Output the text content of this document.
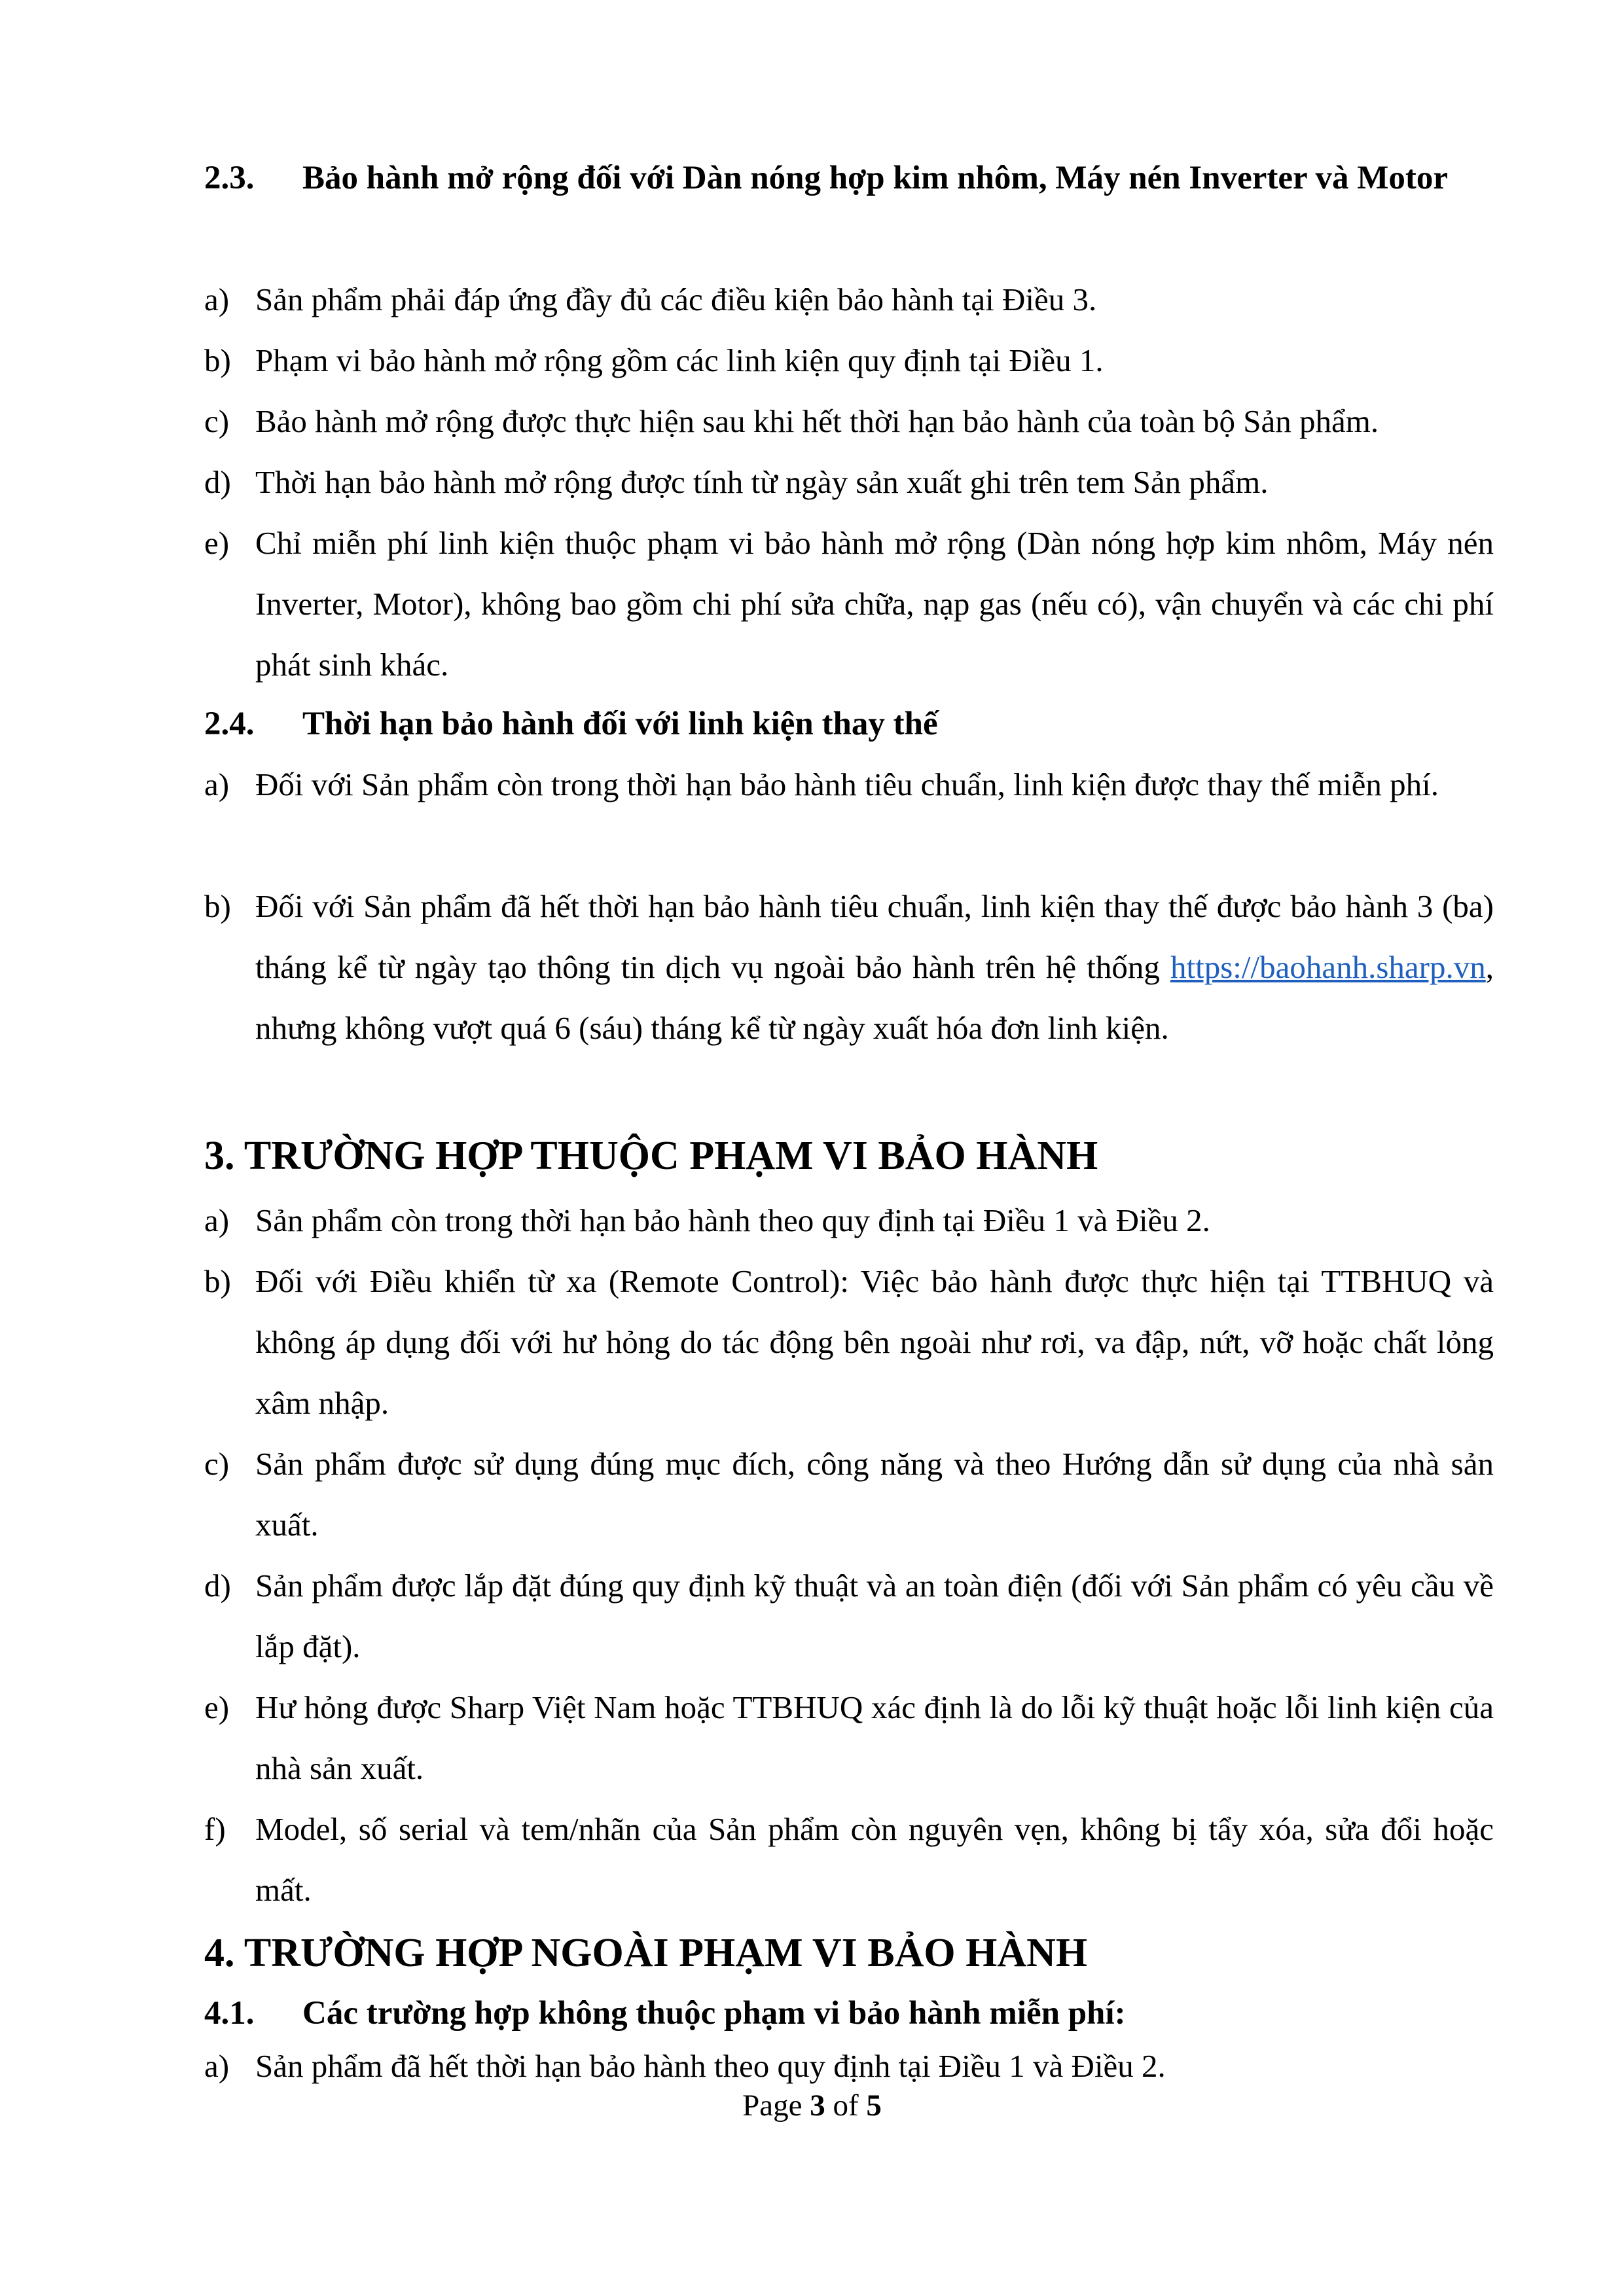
2.3. Bảo hành mở rộng đối với Dàn nóng hợp kim nhôm, Máy nén Inverter và Motor
a) Sản phẩm phải đáp ứng đầy đủ các điều kiện bảo hành tại Điều 3.
b) Phạm vi bảo hành mở rộng gồm các linh kiện quy định tại Điều 1.
c) Bảo hành mở rộng được thực hiện sau khi hết thời hạn bảo hành của toàn bộ Sản phẩm.
d) Thời hạn bảo hành mở rộng được tính từ ngày sản xuất ghi trên tem Sản phẩm.
e) Chỉ miễn phí linh kiện thuộc phạm vi bảo hành mở rộng (Dàn nóng hợp kim nhôm, Máy nén Inverter, Motor), không bao gồm chi phí sửa chữa, nạp gas (nếu có), vận chuyển và các chi phí phát sinh khác.
2.4. Thời hạn bảo hành đối với linh kiện thay thế
a) Đối với Sản phẩm còn trong thời hạn bảo hành tiêu chuẩn, linh kiện được thay thế miễn phí.
b) Đối với Sản phẩm đã hết thời hạn bảo hành tiêu chuẩn, linh kiện thay thế được bảo hành 3 (ba) tháng kể từ ngày tạo thông tin dịch vụ ngoài bảo hành trên hệ thống https://baohanh.sharp.vn, nhưng không vượt quá 6 (sáu) tháng kể từ ngày xuất hóa đơn linh kiện.
3. TRƯỜNG HỢP THUỘC PHẠM VI BẢO HÀNH
a) Sản phẩm còn trong thời hạn bảo hành theo quy định tại Điều 1 và Điều 2.
b) Đối với Điều khiển từ xa (Remote Control): Việc bảo hành được thực hiện tại TTBHUQ và không áp dụng đối với hư hỏng do tác động bên ngoài như rơi, va đập, nứt, vỡ hoặc chất lỏng xâm nhập.
c) Sản phẩm được sử dụng đúng mục đích, công năng và theo Hướng dẫn sử dụng của nhà sản xuất.
d) Sản phẩm được lắp đặt đúng quy định kỹ thuật và an toàn điện (đối với Sản phẩm có yêu cầu về lắp đặt).
e) Hư hỏng được Sharp Việt Nam hoặc TTBHUQ xác định là do lỗi kỹ thuật hoặc lỗi linh kiện của nhà sản xuất.
f) Model, số serial và tem/nhãn của Sản phẩm còn nguyên vẹn, không bị tẩy xóa, sửa đổi hoặc mất.
4. TRƯỜNG HỢP NGOÀI PHẠM VI BẢO HÀNH
4.1. Các trường hợp không thuộc phạm vi bảo hành miễn phí:
a) Sản phẩm đã hết thời hạn bảo hành theo quy định tại Điều 1 và Điều 2.
Page 3 of 5
